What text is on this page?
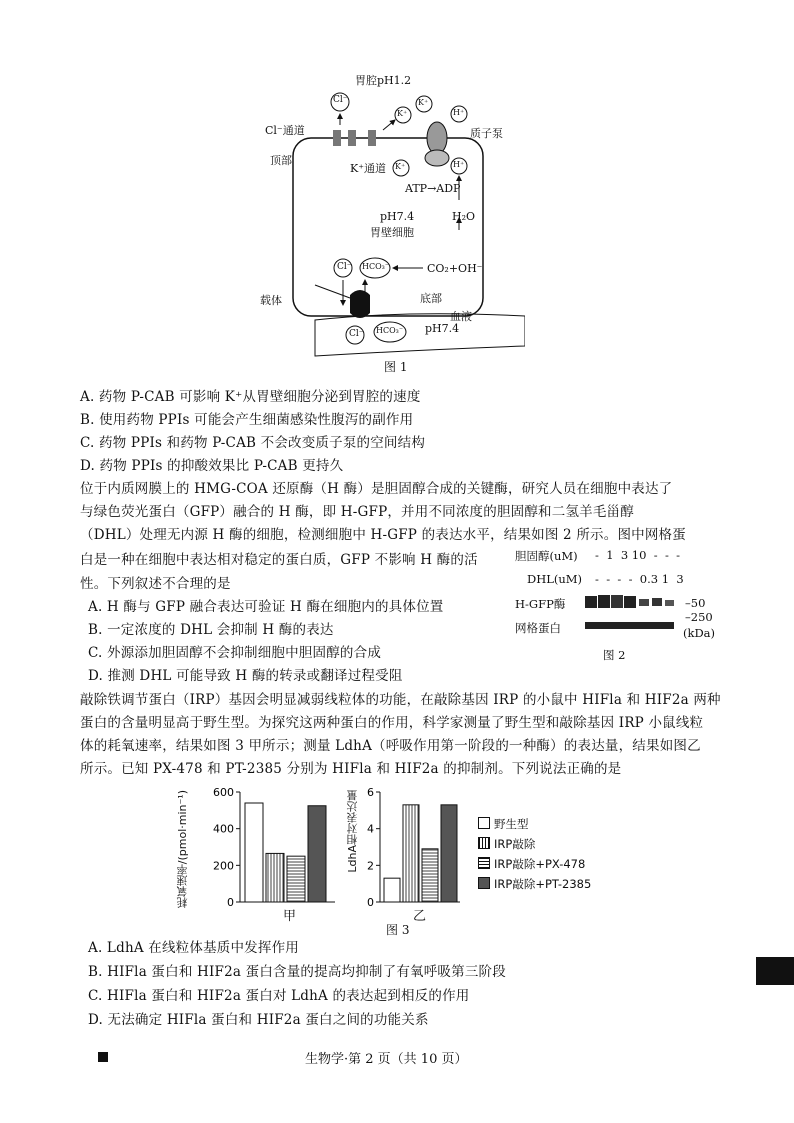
胃腔pH1.2
Cl⁻
K⁺
K⁺
H⁺
K⁺	H⁺
Cl⁻通道
顶部
K⁺通道
质子泵
ATP→ADP
pH7.4
胃壁细胞
H₂O
CO₂+OH⁻
Cl⁻ HCO₃⁻
载体	底部
血液
pH7.4
Cl⁻ HCO₃⁻
图 1
A. 药物 P-CAB 可影响 K⁺从胃壁细胞分泌到胃腔的速度
B. 使用药物 PPIs 可能会产生细菌感染性腹泻的副作用
C. 药物 PPIs 和药物 P-CAB 不会改变质子泵的空间结构
D. 药物 PPIs 的抑酸效果比 P-CAB 更持久
位于内质网膜上的 HMG-COA 还原酶（H 酶）是胆固醇合成的关键酶，研究人员在细胞中表达了
与绿色荧光蛋白（GFP）融合的 H 酶，即 H-GFP，并用不同浓度的胆固醇和二氢羊毛甾醇
（DHL）处理无内源 H 酶的细胞，检测细胞中 H-GFP 的表达水平，结果如图 2 所示。图中网格蛋
白是一种在细胞中表达相对稳定的蛋白质，GFP 不影响 H 酶的活
性。下列叙述不合理的是
A. H 酶与 GFP 融合表达可验证 H 酶在细胞内的具体位置
B. 一定浓度的 DHL 会抑制 H 酶的表达
C. 外源添加胆固醇不会抑制细胞中胆固醇的合成
D. 推测 DHL 可能导致 H 酶的转录或翻译过程受阻
胆固醇(uM) -  1  3 10  -  -  -
DHL(uM) -  -  -  -  0.3 1  3
H-GFP酶
网格蛋白
–50
–250
(kDa)
图 2
敲除铁调节蛋白（IRP）基因会明显减弱线粒体的功能，在敲除基因 IRP 的小鼠中 HIFla 和 HIF2a 两种
蛋白的含量明显高于野生型。为探究这两种蛋白的作用，科学家测量了野生型和敲除基因 IRP 小鼠线粒
体的耗氧速率，结果如图 3 甲所示；测量 LdhA（呼吸作用第一阶段的一种酶）的表达量，结果如图乙
所示。已知 PX-478 和 PT-2385 分别为 HIFla 和 HIF2a 的抑制剂。下列说法正确的是
0
200
400
600
0
2
4
6
耗氧速率/(pmol·min⁻¹)	LdhA相对表达量
甲	乙
图 3
野生型
IRP敲除
IRP敲除+PX-478
IRP敲除+PT-2385
A. LdhA 在线粒体基质中发挥作用
B. HIFla 蛋白和 HIF2a 蛋白含量的提高均抑制了有氧呼吸第三阶段
C. HIFla 蛋白和 HIF2a 蛋白对 LdhA 的表达起到相反的作用
D. 无法确定 HIFla 蛋白和 HIF2a 蛋白之间的功能关系
生物学·第 2 页（共 10 页）
